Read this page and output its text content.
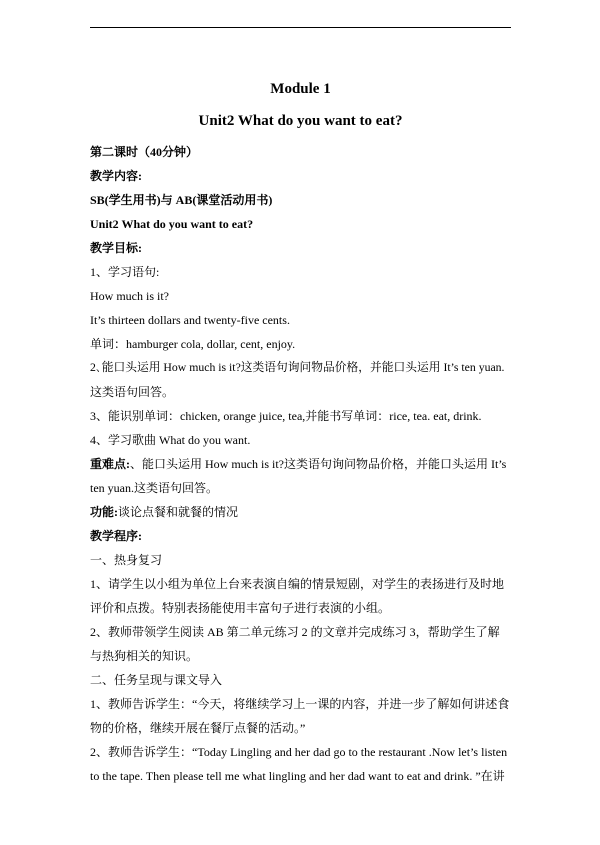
Module 1

Unit2 What do you want to eat?

第二课时（40分钟）

教学内容:

SB(学生用书)与 AB(课堂活动用书)

Unit2 What do you want to eat?

教学目标:

1、学习语句:

How much is it?

It’s thirteen dollars and twenty-five cents.

单词：hamburger cola, dollar, cent, enjoy.

2､能口头运用 How much is it?这类语句询问物品价格，并能口头运用 It’s ten yuan.

这类语句回答。

3、能识别单词：chicken, orange juice, tea,并能书写单词：rice, tea. eat, drink.

4、学习歌曲 What do you want.

重难点:、能口头运用 How much is it?这类语句询问物品价格，并能口头运用 It’s

ten yuan.这类语句回答。

功能:谈论点餐和就餐的情况

教学程序:

一、热身复习

1、请学生以小组为单位上台来表演自编的情景短剧，对学生的表扬进行及时地

评价和点拨。特别表扬能使用丰富句子进行表演的小组。

2、教师带领学生阅读 AB 第二单元练习 2 的文章并完成练习 3，帮助学生了解

与热狗相关的知识。

二、任务呈现与课文导入

1、教师告诉学生：“今天，将继续学习上一课的内容，并进一步了解如何讲述食

物的价格，继续开展在餐厅点餐的活动。”

2、教师告诉学生：“Today Lingling and her dad go to the restaurant .Now let’s listen

to the tape. Then please tell me what lingling and her dad want to eat and drink. ”在讲
